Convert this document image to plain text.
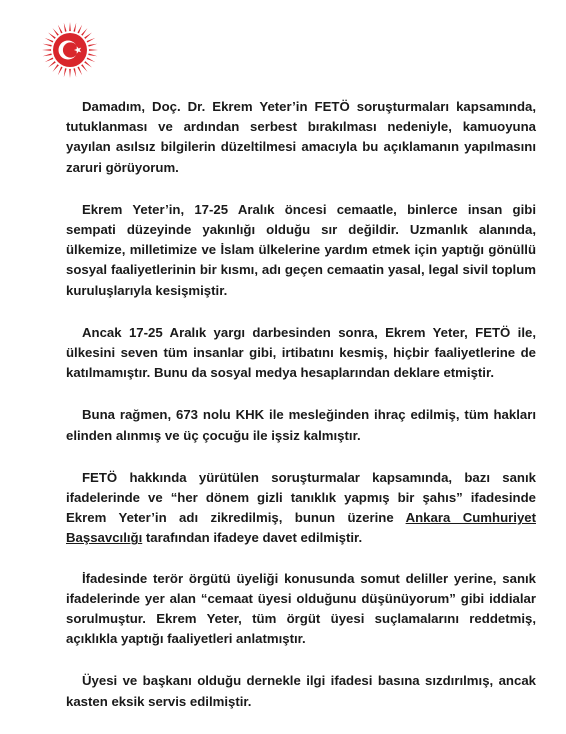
Damadım, Doç. Dr. Ekrem Yeter’in FETÖ soruşturmaları kapsamında, tutuklanması ve ardından serbest bırakılması nedeniyle, kamuoyuna yayılan asılsız bilgilerin düzeltilmesi amacıyla bu açıklamanın yapılmasını zaruri görüyorum.

Ekrem Yeter’in, 17-25 Aralık öncesi cemaatle, binlerce insan gibi sempati düzeyinde yakınlığı olduğu sır değildir. Uzmanlık alanında, ülkemize, milletimize ve İslam ülkelerine yardım etmek için yaptığı gönüllü sosyal faaliyetlerinin bir kısmı, adı geçen cemaatin yasal, legal sivil toplum kuruluşlarıyla kesişmiştir.

Ancak 17-25 Aralık yargı darbesinden sonra, Ekrem Yeter, FETÖ ile, ülkesini seven tüm insanlar gibi, irtibatını kesmiş, hiçbir faaliyetlerine de katılmamıştır. Bunu da sosyal medya hesaplarından deklare etmiştir.

Buna rağmen, 673 nolu KHK ile mesleğinden ihraç edilmiş, tüm hakları elinden alınmış ve üç çocuğu ile işsiz kalmıştır.

FETÖ hakkında yürütülen soruşturmalar kapsamında, bazı sanık ifadelerinde ve “her dönem gizli tanıklık yapmış bir şahıs” ifadesinde Ekrem Yeter’in adı zikredilmiş, bunun üzerine Ankara Cumhuriyet Başsavcılığı tarafından ifadeye davet edilmiştir.

İfadesinde terör örgütü üyeliği konusunda somut deliller yerine, sanık ifadelerinde yer alan “cemaat üyesi olduğunu düşünüyorum” gibi iddialar sorulmuştur. Ekrem Yeter, tüm örgüt üyesi suçlamalarını reddetmiş, açıklıkla yaptığı faaliyetleri anlatmıştır.

Üyesi ve başkanı olduğu dernekle ilgi ifadesi basına sızdırılmış, ancak kasten eksik servis edilmiştir.
